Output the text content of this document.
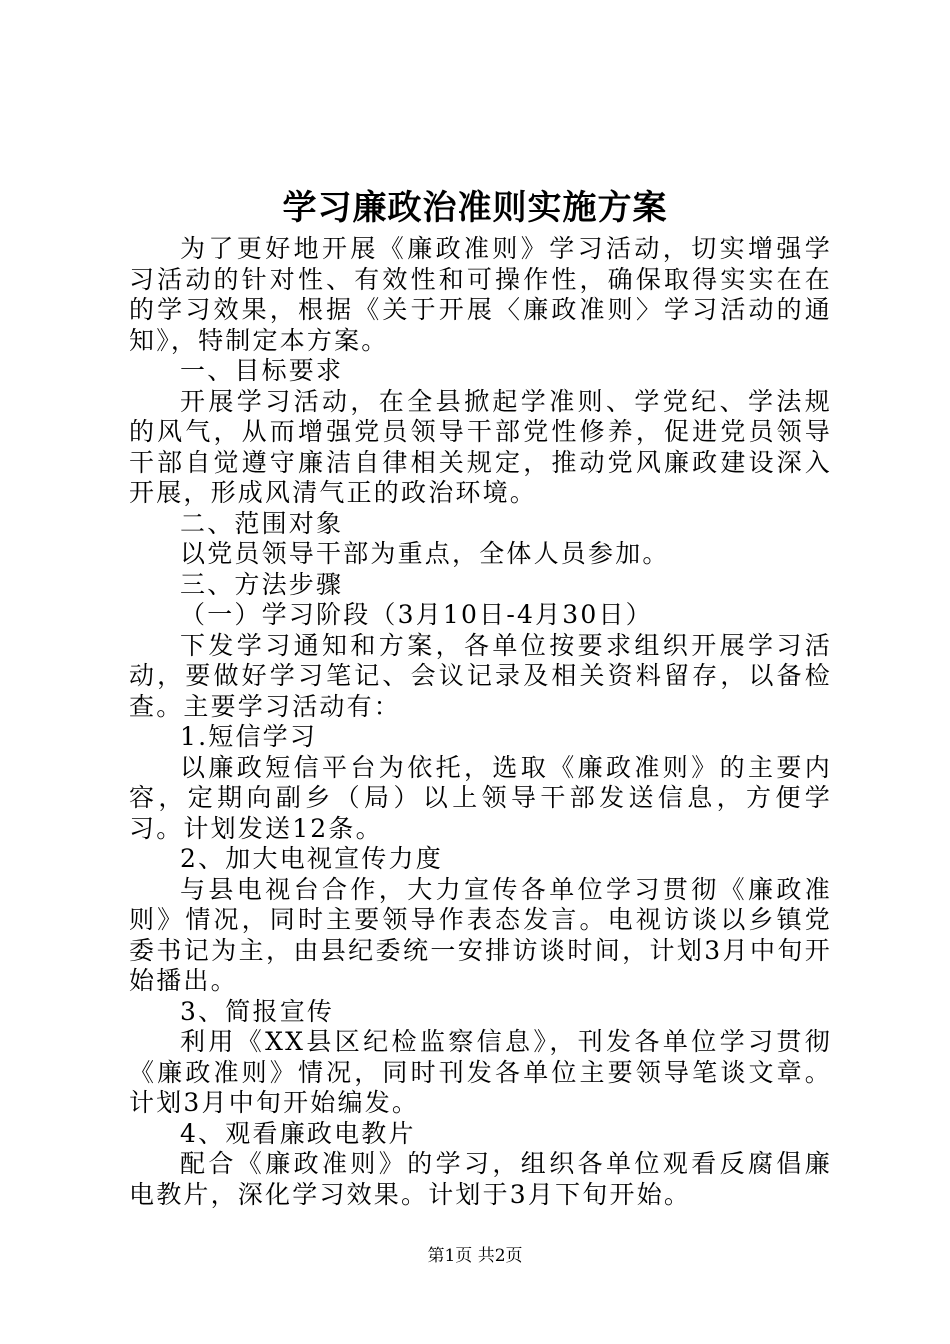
学习廉政治准则实施方案

为了更好地开展《廉政准则》学习活动，切实增强学习活动的针对性、有效性和可操作性，确保取得实实在在的学习效果，根据《关于开展〈廉政准则〉学习活动的通知》，特制定本方案。

一、目标要求

开展学习活动，在全县掀起学准则、学党纪、学法规的风气，从而增强党员领导干部党性修养，促进党员领导干部自觉遵守廉洁自律相关规定，推动党风廉政建设深入开展，形成风清气正的政治环境。

二、范围对象

以党员领导干部为重点，全体人员参加。

三、方法步骤

（一）学习阶段（3月10日-4月30日）

下发学习通知和方案，各单位按要求组织开展学习活动，要做好学习笔记、会议记录及相关资料留存，以备检查。主要学习活动有：

1.短信学习

以廉政短信平台为依托，选取《廉政准则》的主要内容，定期向副乡（局）以上领导干部发送信息，方便学习。计划发送12条。

2、加大电视宣传力度

与县电视台合作，大力宣传各单位学习贯彻《廉政准则》情况，同时主要领导作表态发言。电视访谈以乡镇党委书记为主，由县纪委统一安排访谈时间，计划3月中旬开始播出。

3、简报宣传

利用《XX县区纪检监察信息》，刊发各单位学习贯彻《廉政准则》情况，同时刊发各单位主要领导笔谈文章。计划3月中旬开始编发。

4、观看廉政电教片

配合《廉政准则》的学习，组织各单位观看反腐倡廉电教片，深化学习效果。计划于3月下旬开始。

第1页 共2页
